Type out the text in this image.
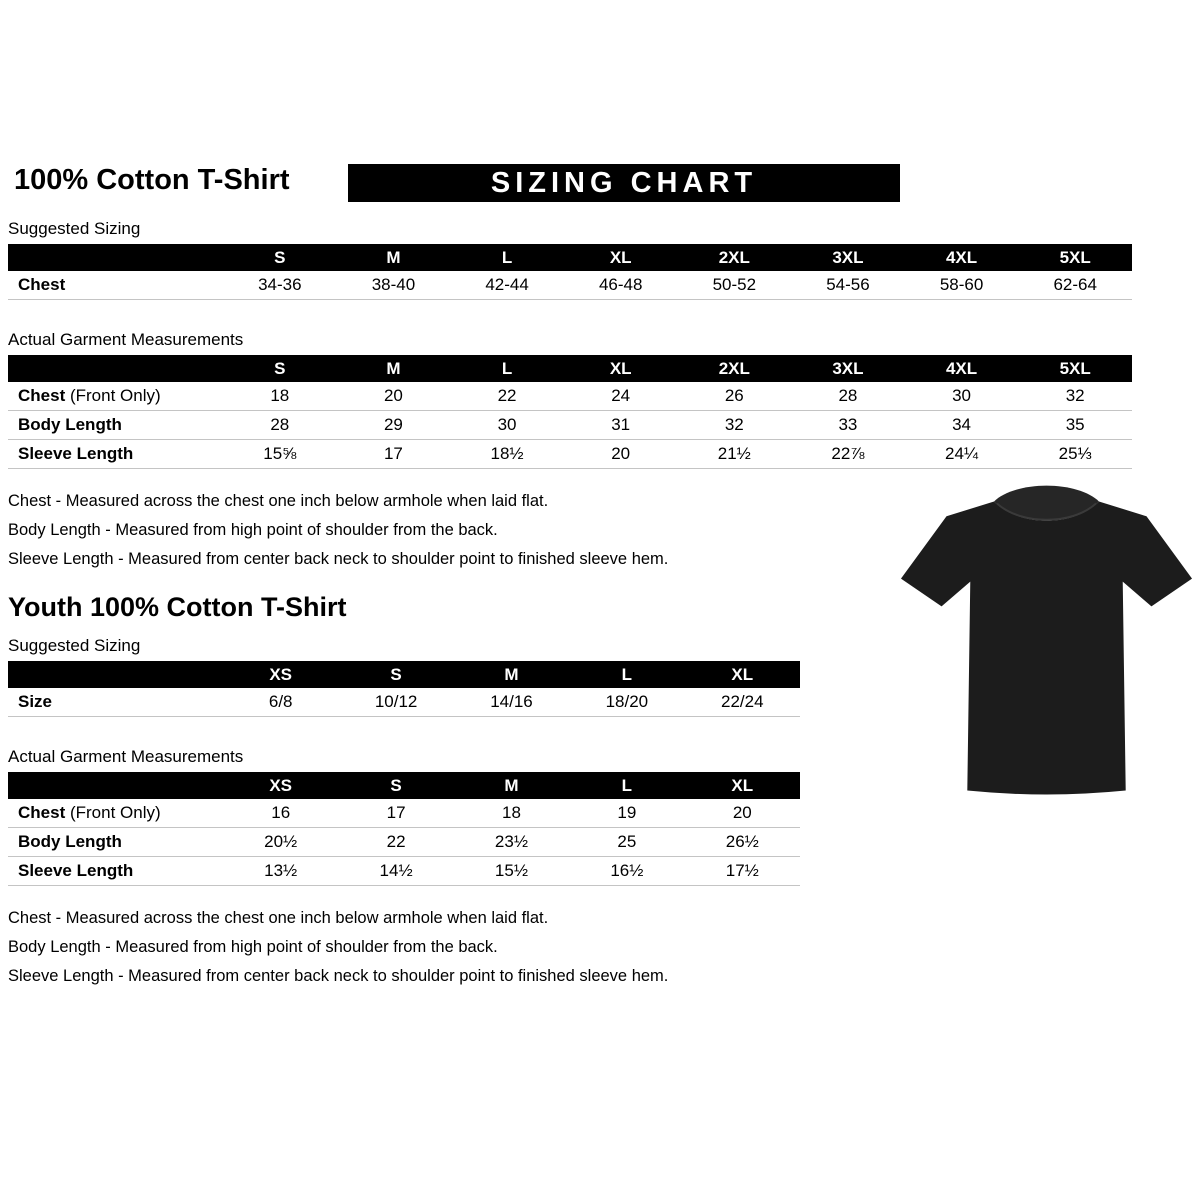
100% Cotton T-Shirt	SIZING CHART
Suggested Sizing
	S	M	L	XL	2XL	3XL	4XL	5XL
Chest	34-36	38-40	42-44	46-48	50-52	54-56	58-60	62-64
Actual Garment Measurements
	S	M	L	XL	2XL	3XL	4XL	5XL
Chest (Front Only)	18	20	22	24	26	28	30	32
Body Length	28	29	30	31	32	33	34	35
Sleeve Length	15⅝	17	18½	20	21½	22⅞	24¼	25⅓

Chest - Measured across the chest one inch below armhole when laid flat.

Body Length - Measured from high point of shoulder from the back.

Sleeve Length - Measured from center back neck to shoulder point to finished sleeve hem.

Youth 100% Cotton T-Shirt
Suggested Sizing
	XS	S	M	L	XL
Size	6/8	10/12	14/16	18/20	22/24
Actual Garment Measurements
	XS	S	M	L	XL
Chest (Front Only)	16	17	18	19	20
Body Length	20½	22	23½	25	26½
Sleeve Length	13½	14½	15½	16½	17½

Chest - Measured across the chest one inch below armhole when laid flat.

Body Length - Measured from high point of shoulder from the back.

Sleeve Length - Measured from center back neck to shoulder point to finished sleeve hem.
